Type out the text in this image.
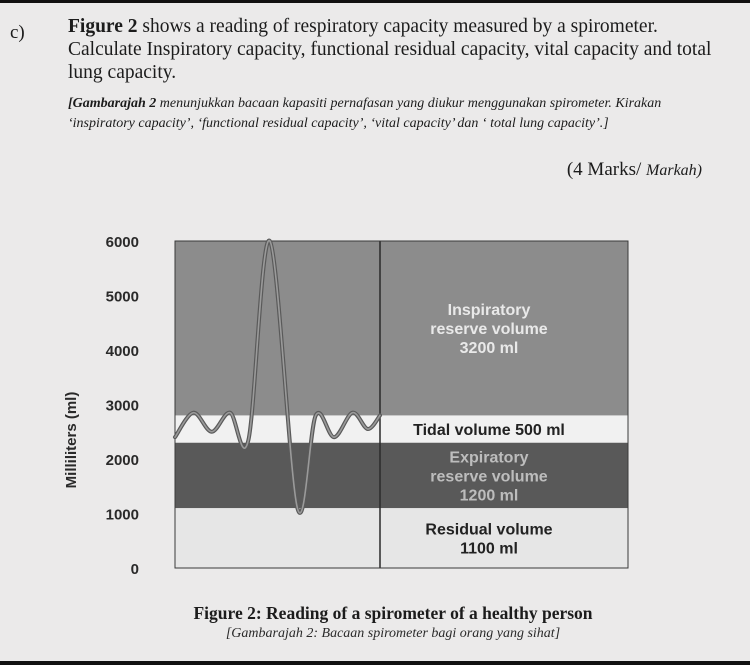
c) Figure 2 shows a reading of respiratory capacity measured by a spirometer. Calculate Inspiratory capacity, functional residual capacity, vital capacity and total lung capacity.
[Gambarajah 2 menunjukkan bacaan kapasiti pernafasan yang diukur menggunakan spirometer. Kirakan ‘inspiratory capacity’, ‘functional residual capacity’, ‘vital capacity’ dan ‘ total lung capacity’.]
(4 Marks/ Markah)
Residual volume
1100 ml
Expiratory
reserve volume
1200 ml
Tidal volume 500 ml
Inspiratory
reserve volume
3200 ml
0
1000
2000
3000
4000
5000
6000
Milliliters (ml)
Figure 2: Reading of a spirometer of a healthy person
[Gambarajah 2: Bacaan spirometer bagi orang yang sihat]
